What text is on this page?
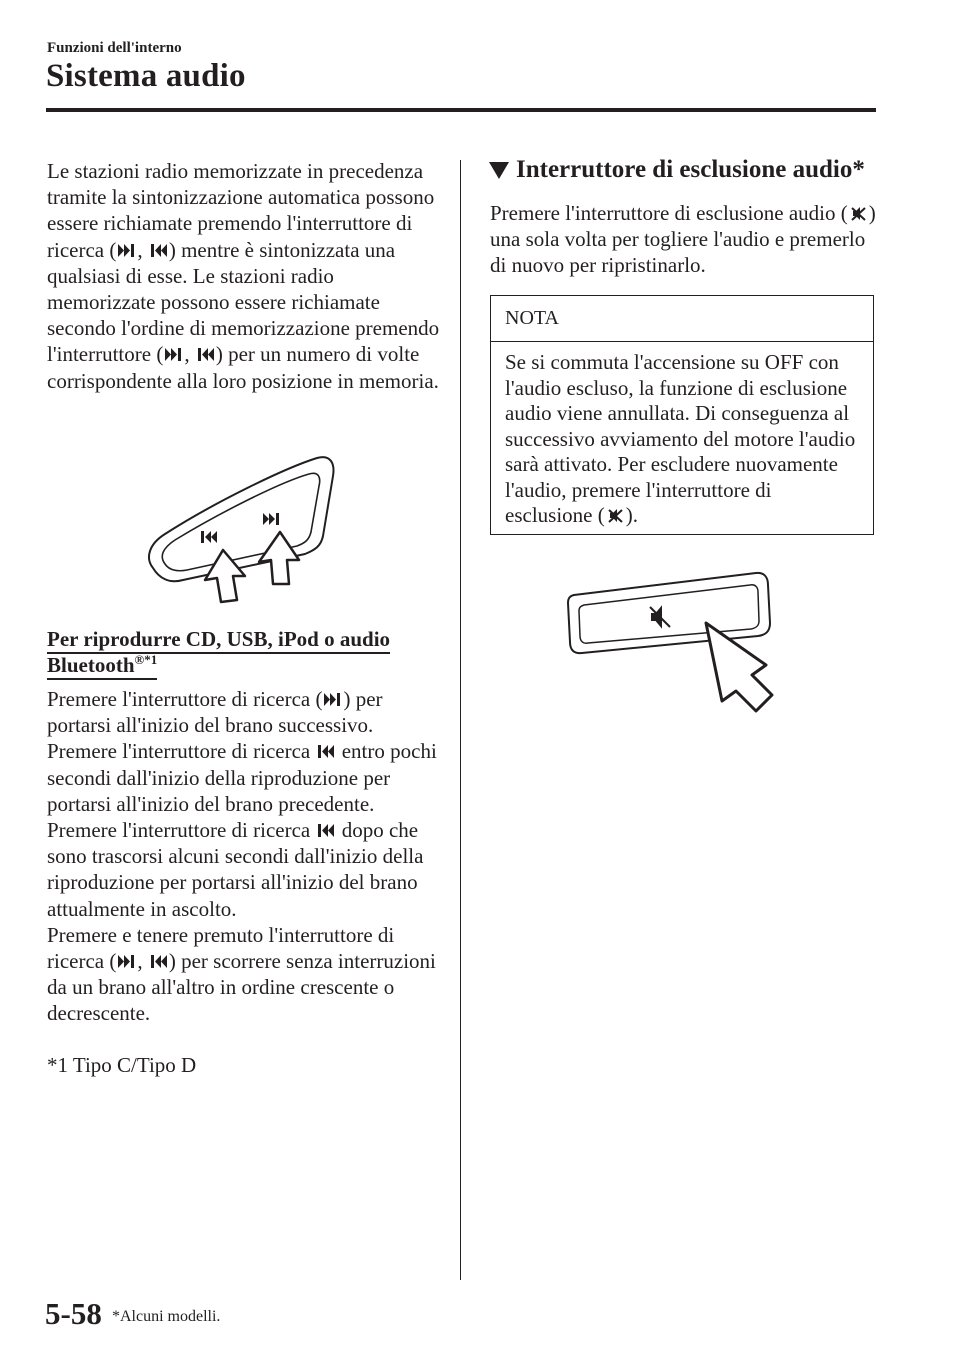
Funzioni dell'interno
Sistema audio

Le stazioni radio memorizzate in precedenza tramite la sintonizzazione automatica possono essere richiamate premendo l'interruttore di ricerca ( ,
) mentre è sintonizzata una qualsiasi di esse. Le stazioni radio memorizzate possono essere richiamate secondo l'ordine di memorizzazione premendo l'interruttore ( ,
) per un numero di volte corrispondente alla loro posizione in memoria.

Per riprodurre CD, USB, iPod o audio Bluetooth$^{®*1}$

Premere l'interruttore di ricerca ( ) per portarsi all'inizio del brano successivo.
Premere l'interruttore di ricerca
entro pochi secondi dall'inizio della riproduzione per portarsi all'inizio del brano precedente.
Premere l'interruttore di ricerca
dopo che sono trascorsi alcuni secondi dall'inizio della riproduzione per portarsi all'inizio del brano attualmente in ascolto.
Premere e tenere premuto l'interruttore di ricerca ( ,
) per scorrere senza interruzioni da un brano all'altro in ordine crescente o decrescente.

*1 Tipo C/Tipo D

Interruttore di esclusione audio*

Premere l'interruttore di esclusione audio ( ) una sola volta per togliere l'audio e premerlo di nuovo per ripristinarlo.

NOTA
Se si commuta l'accensione su OFF con l'audio escluso, la funzione di esclusione audio viene annullata. Di conseguenza al successivo avviamento del motore l'audio sarà attivato. Per escludere nuovamente l'audio, premere l'interruttore di esclusione ( ).
5-58 *Alcuni modelli.
